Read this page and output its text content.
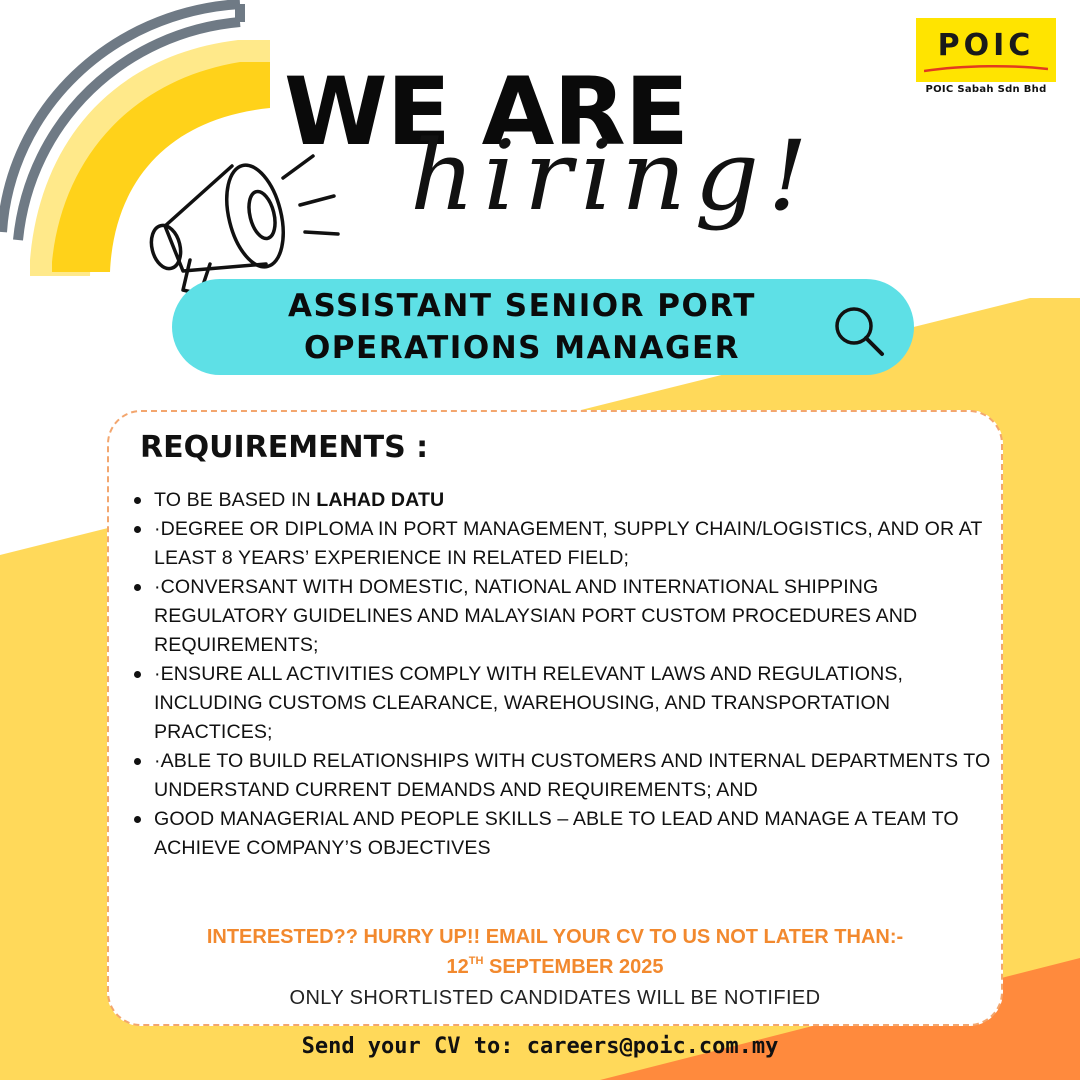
POIC
POIC Sabah Sdn Bhd
WE ARE
hiring!
ASSISTANT SENIOR PORT
OPERATIONS MANAGER
REQUIREMENTS :
TO BE BASED IN LAHAD DATU
·DEGREE OR DIPLOMA IN PORT MANAGEMENT, SUPPLY CHAIN/LOGISTICS, AND OR AT LEAST 8 YEARS’ EXPERIENCE IN RELATED FIELD;
·CONVERSANT WITH DOMESTIC, NATIONAL AND INTERNATIONAL SHIPPING REGULATORY GUIDELINES AND MALAYSIAN PORT CUSTOM PROCEDURES AND REQUIREMENTS;
·ENSURE ALL ACTIVITIES COMPLY WITH RELEVANT LAWS AND REGULATIONS, INCLUDING CUSTOMS CLEARANCE, WAREHOUSING, AND TRANSPORTATION PRACTICES;
·ABLE TO BUILD RELATIONSHIPS WITH CUSTOMERS AND INTERNAL DEPARTMENTS TO UNDERSTAND CURRENT DEMANDS AND REQUIREMENTS; AND
GOOD MANAGERIAL AND PEOPLE SKILLS – ABLE TO LEAD AND MANAGE A TEAM TO ACHIEVE COMPANY’S OBJECTIVES
INTERESTED?? HURRY UP!! EMAIL YOUR CV TO US NOT LATER THAN:-
12TH SEPTEMBER 2025
ONLY SHORTLISTED CANDIDATES WILL BE NOTIFIED
Send your CV to: careers@poic.com.my
